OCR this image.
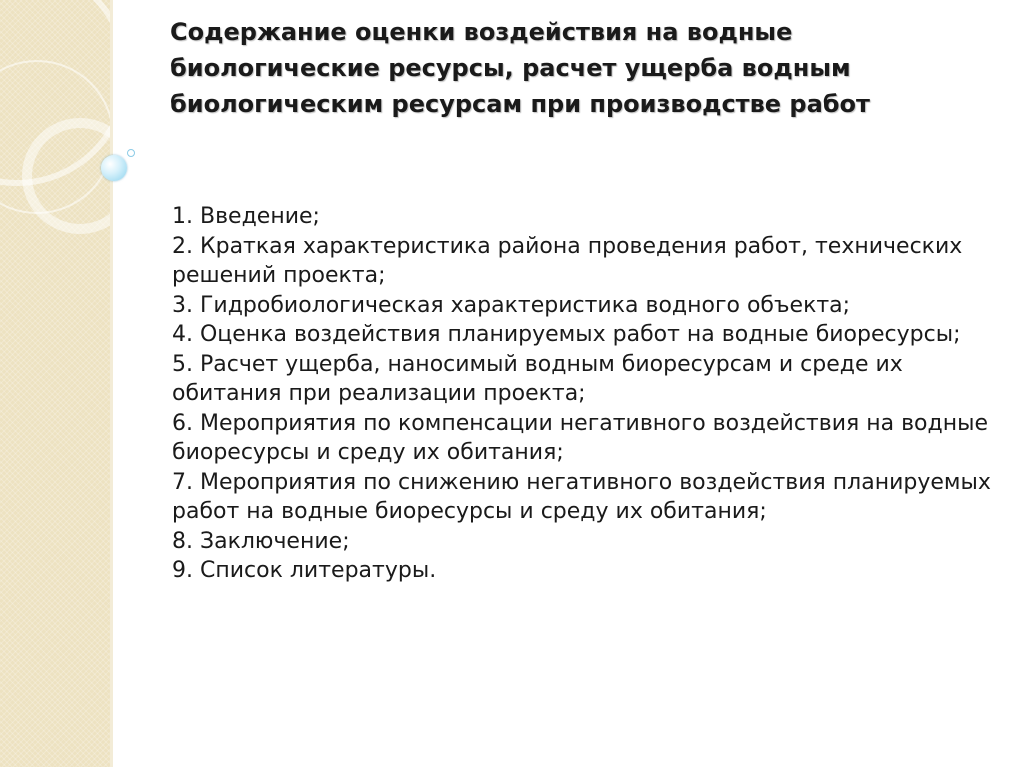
Содержание оценки воздействия на водные биологические ресурсы, расчет ущерба водным биологическим ресурсам при производстве работ
1. Введение;
2. Краткая характеристика района проведения работ, технических решений проекта;
3. Гидробиологическая характеристика водного объекта;
4. Оценка воздействия планируемых работ на водные биоресурсы;
5. Расчет ущерба, наносимый водным биоресурсам и среде их обитания при реализации проекта;
6. Мероприятия по компенсации негативного воздействия на водные биоресурсы и среду их обитания;
7. Мероприятия по снижению негативного воздействия планируемых работ на водные биоресурсы и среду их обитания;
8. Заключение;
9. Список литературы.
